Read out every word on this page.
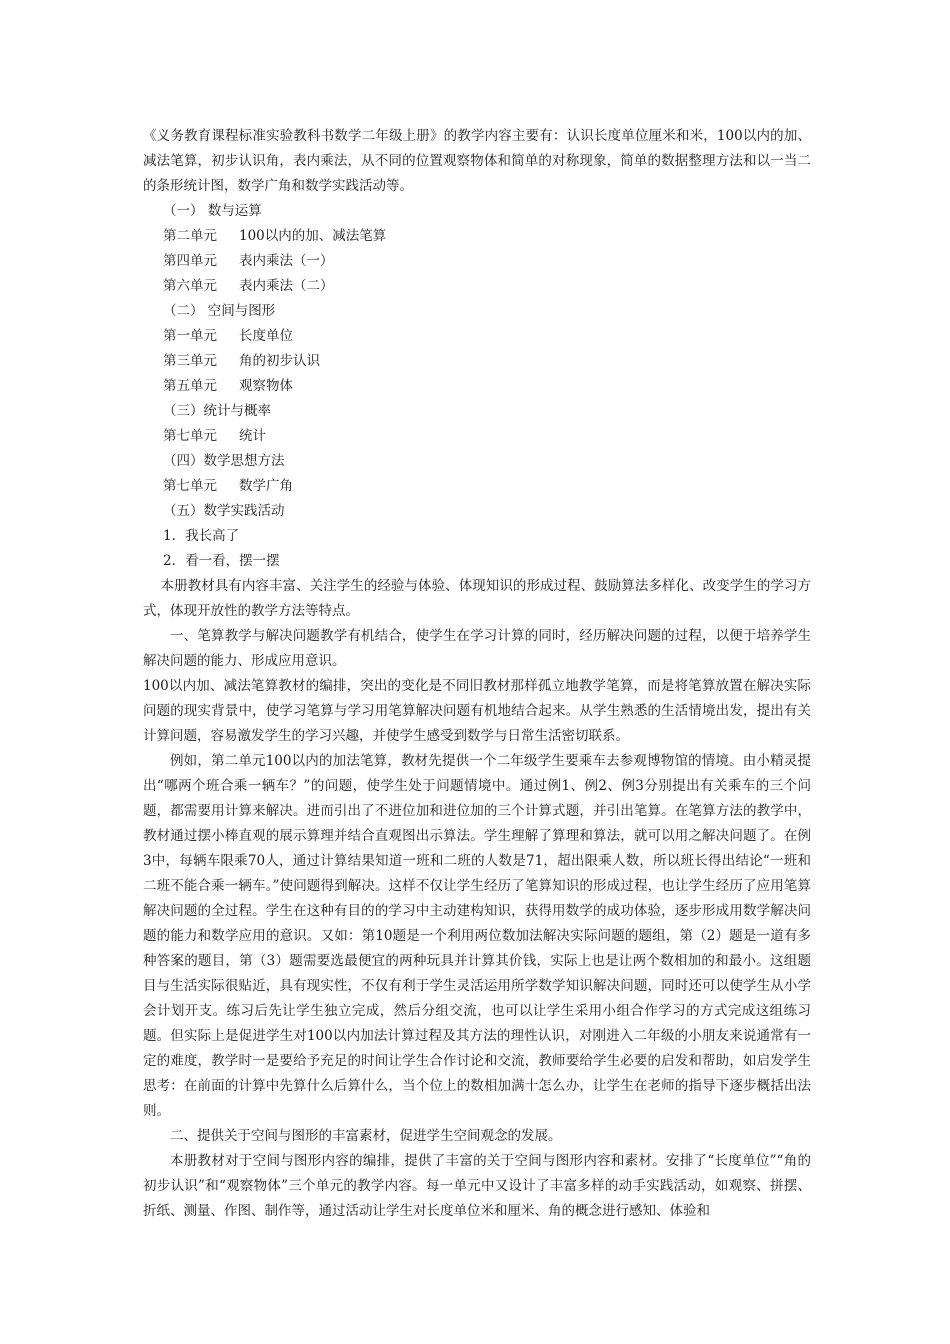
《义务教育课程标准实验教科书数学二年级上册》的教学内容主要有：认识长度单位厘米和米，100以内的加、减法笔算，初步认识角，表内乘法，从不同的位置观察物体和简单的对称现象，简单的数据整理方法和以一当二的条形统计图，数学广角和数学实践活动等。

（一） 数与运算

第二单元 100以内的加、减法笔算

第四单元 表内乘法（一）

第六单元 表内乘法（二）

（二） 空间与图形

第一单元 长度单位

第三单元 角的初步认识

第五单元 观察物体

（三）统计与概率

第七单元 统计

（四）数学思想方法

第七单元 数学广角

（五）数学实践活动

1．我长高了

2．看一看，摆一摆

本册教材具有内容丰富、关注学生的经验与体验、体现知识的形成过程、鼓励算法多样化、改变学生的学习方式，体现开放性的教学方法等特点。

一、笔算教学与解决问题教学有机结合，使学生在学习计算的同时，经历解决问题的过程，以便于培养学生解决问题的能力、形成应用意识。

100以内加、减法笔算教材的编排，突出的变化是不同旧教材那样孤立地教学笔算，而是将笔算放置在解决实际问题的现实背景中，使学习笔算与学习用笔算解决问题有机地结合起来。从学生熟悉的生活情境出发，提出有关计算问题，容易激发学生的学习兴趣，并使学生感受到数学与日常生活密切联系。

例如，第二单元100以内的加法笔算，教材先提供一个二年级学生要乘车去参观博物馆的情境。由小精灵提出“哪两个班合乘一辆车？”的问题，使学生处于问题情境中。通过例1、例2、例3分别提出有关乘车的三个问题，都需要用计算来解决。进而引出了不进位加和进位加的三个计算式题，并引出笔算。在笔算方法的教学中，教材通过摆小棒直观的展示算理并结合直观图出示算法。学生理解了算理和算法，就可以用之解决问题了。在例3中，每辆车限乘70人，通过计算结果知道一班和二班的人数是71，超出限乘人数，所以班长得出结论“一班和二班不能合乘一辆车。”使问题得到解决。这样不仅让学生经历了笔算知识的形成过程，也让学生经历了应用笔算解决问题的全过程。学生在这种有目的的学习中主动建构知识，获得用数学的成功体验，逐步形成用数学解决问题的能力和数学应用的意识。又如：第10题是一个利用两位数加法解决实际问题的题组，第（2）题是一道有多种答案的题目，第（3）题需要选最便宜的两种玩具并计算其价钱，实际上也是让两个数相加的和最小。这组题目与生活实际很贴近，具有现实性，不仅有利于学生灵活运用所学数学知识解决问题，同时还可以使学生从小学会计划开支。练习后先让学生独立完成，然后分组交流，也可以让学生采用小组合作学习的方式完成这组练习题。但实际上是促进学生对100以内加法计算过程及其方法的理性认识，对刚进入二年级的小朋友来说通常有一定的难度，教学时一是要给予充足的时间让学生合作讨论和交流，教师要给学生必要的启发和帮助，如启发学生思考：在前面的计算中先算什么后算什么，当个位上的数相加满十怎么办，让学生在老师的指导下逐步概括出法则。

二、提供关于空间与图形的丰富素材，促进学生空间观念的发展。

本册教材对于空间与图形内容的编排，提供了丰富的关于空间与图形内容和素材。安排了“长度单位”“角的初步认识”和“观察物体”三个单元的教学内容。每一单元中又设计了丰富多样的动手实践活动，如观察、拼摆、折纸、测量、作图、制作等，通过活动让学生对长度单位米和厘米、角的概念进行感知、体验和
